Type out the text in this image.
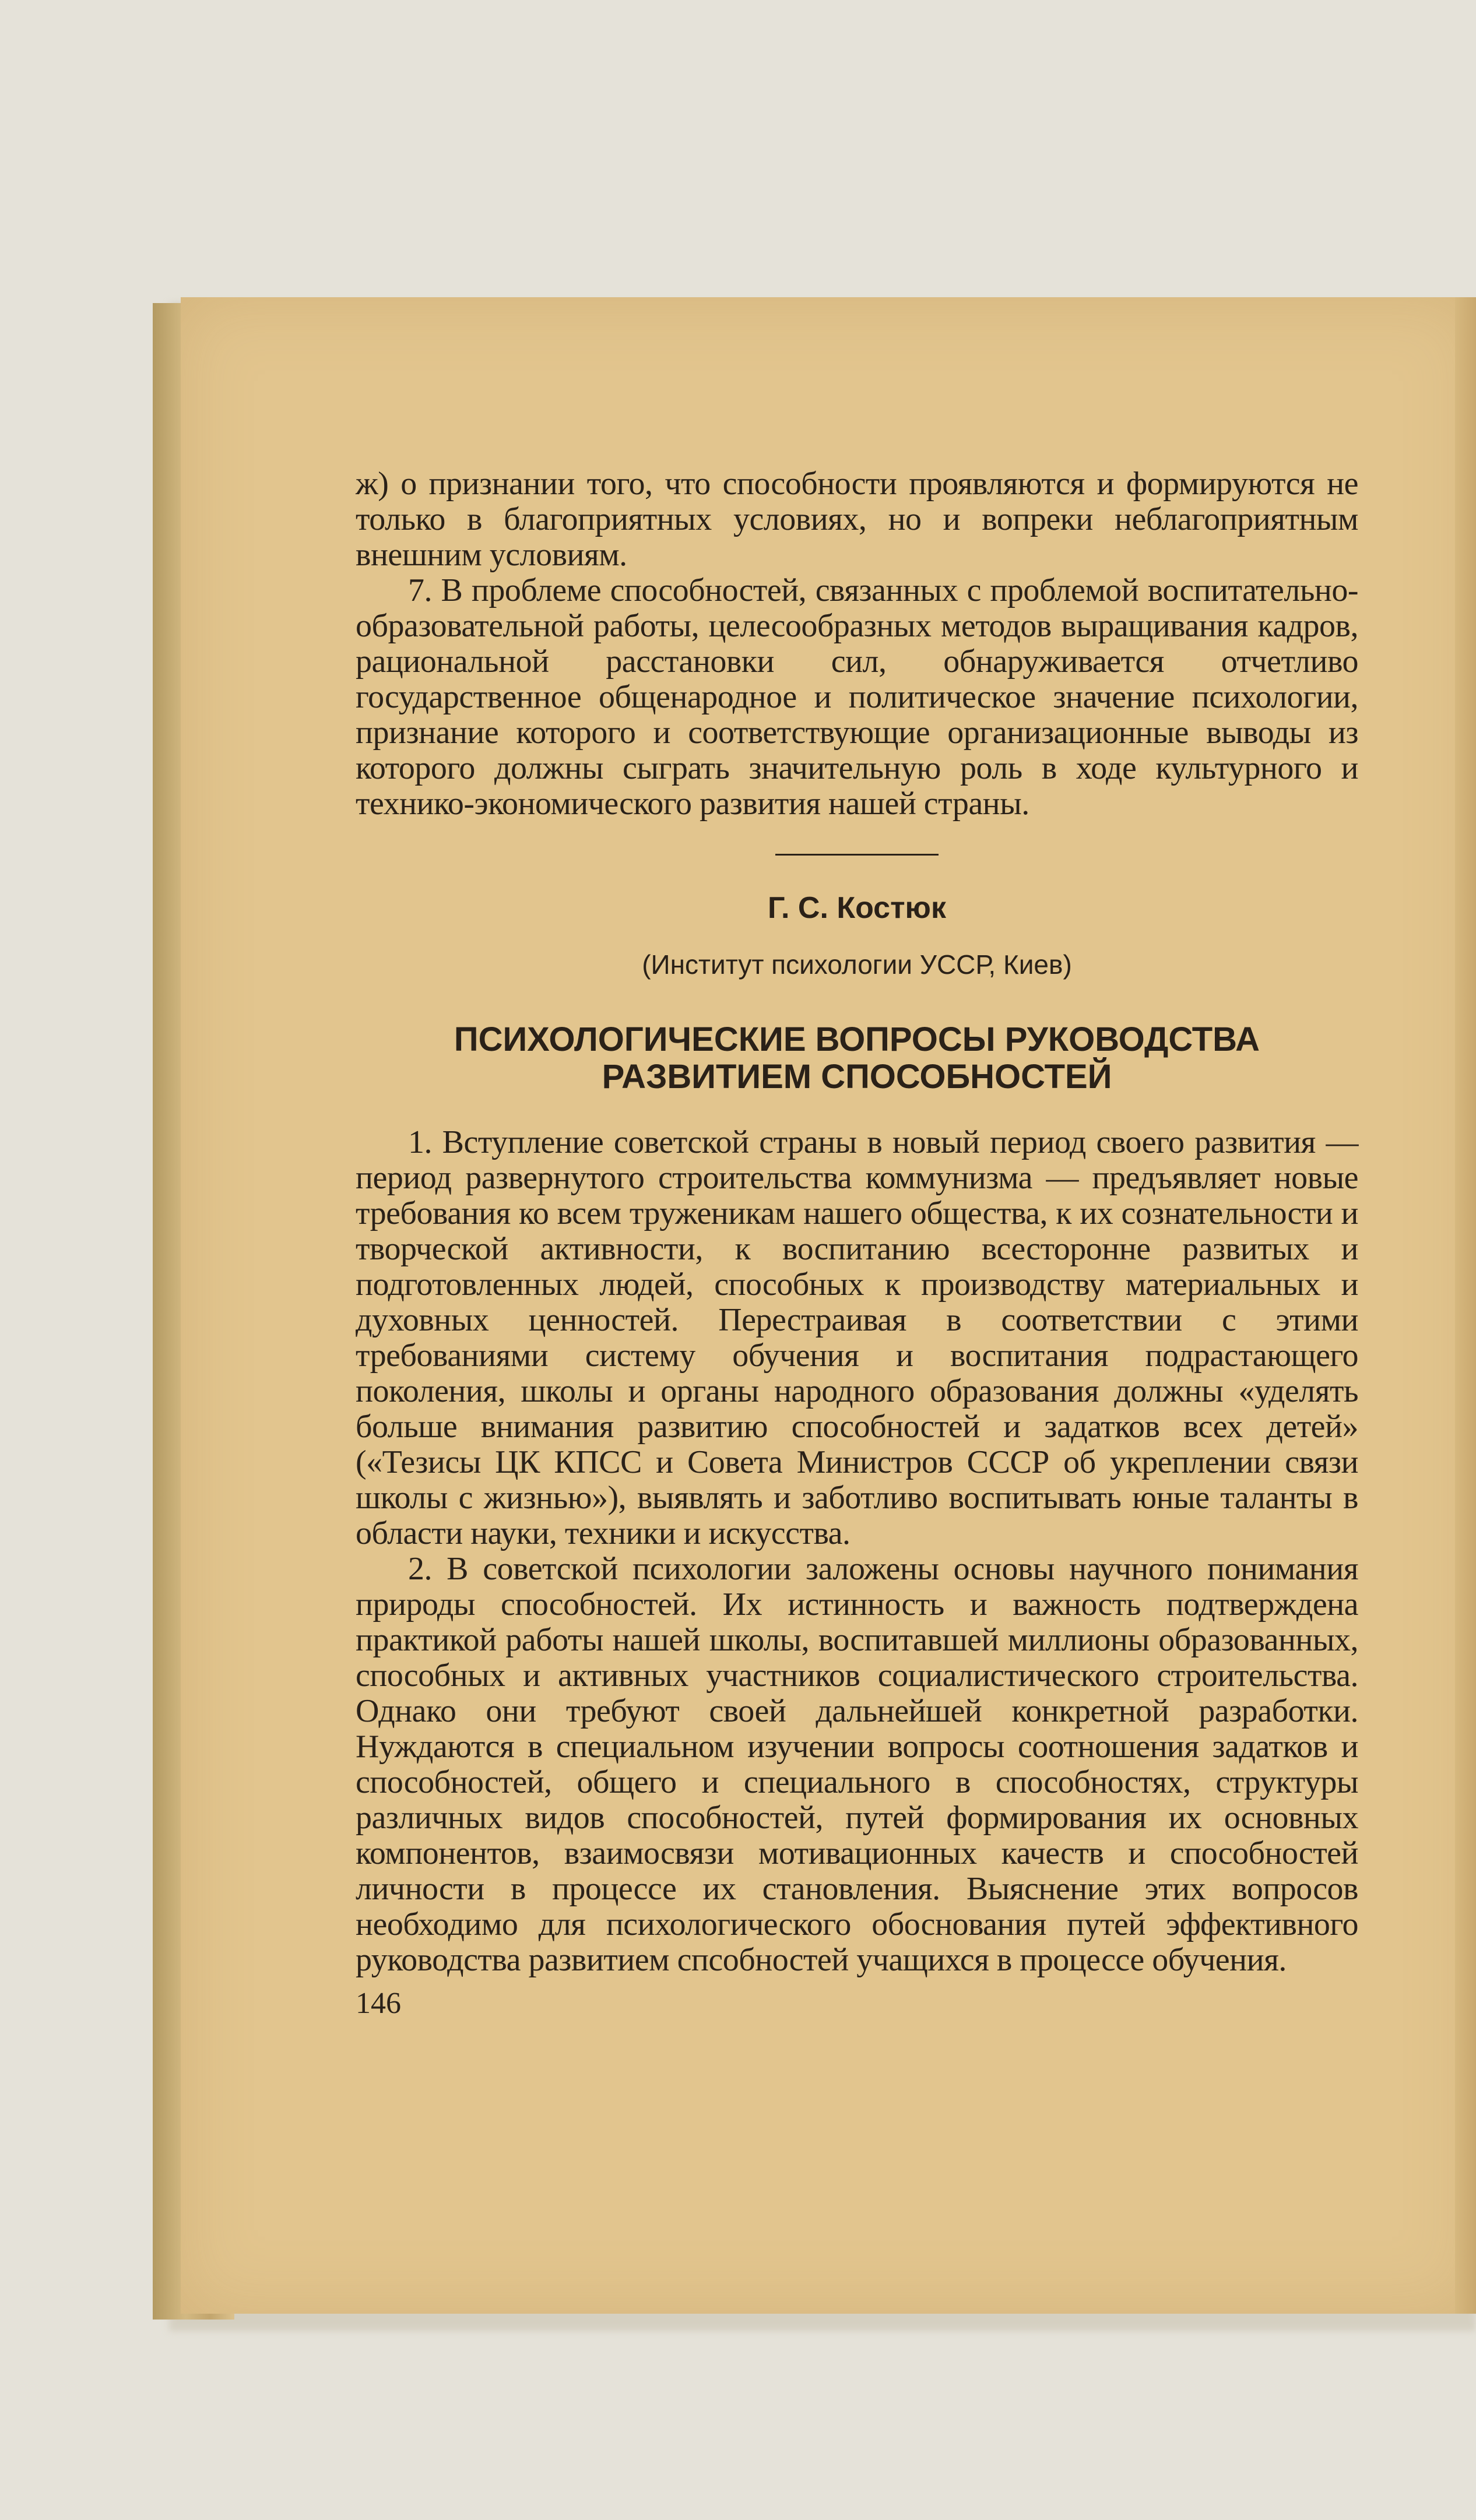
ж) о признании того, что способности проявляются и формируются не только в благоприятных условиях, но и вопреки неблагоприятным внешним условиям.

7. В проблеме способностей, связанных с проблемой воспитательно-образовательной работы, целесообразных методов выращивания кадров, рациональной расстановки сил, обнаруживается отчетливо государственное общенародное и политическое значение психологии, признание которого и соответствующие организационные выводы из которого должны сыграть значительную роль в ходе культурного и технико-экономического развития нашей страны.

Г. С. Костюк

(Институт психологии УССР, Киев)

ПСИХОЛОГИЧЕСКИЕ ВОПРОСЫ РУКОВОДСТВА
РАЗВИТИЕМ СПОСОБНОСТЕЙ

1. Вступление советской страны в новый период своего развития — период развернутого строительства коммунизма — предъявляет новые требования ко всем труженикам нашего общества, к их сознательности и творческой активности, к воспитанию всесторонне развитых и подготовленных людей, способных к производству материальных и духовных ценностей. Перестраивая в соответствии с этими требованиями систему обучения и воспитания подрастающего поколения, школы и органы народного образования должны «уделять больше внимания развитию способностей и задатков всех детей» («Тезисы ЦК КПСС и Совета Министров СССР об укреплении связи школы с жизнью»), выявлять и заботливо воспитывать юные таланты в области науки, техники и искусства.

2. В советской психологии заложены основы научного понимания природы способностей. Их истинность и важность подтверждена практикой работы нашей школы, воспитавшей миллионы образованных, способных и активных участников социалистического строительства. Однако они требуют своей дальнейшей конкретной разработки. Нуждаются в специальном изучении вопросы соотношения задатков и способностей, общего и специального в способностях, структуры различных видов способностей, путей формирования их основных компонентов, взаимосвязи мотивационных качеств и способностей личности в процессе их становления. Выяснение этих вопросов необходимо для психологического обоснования путей эффективного руководства развитием спсобностей учащихся в процессе обучения.

146
